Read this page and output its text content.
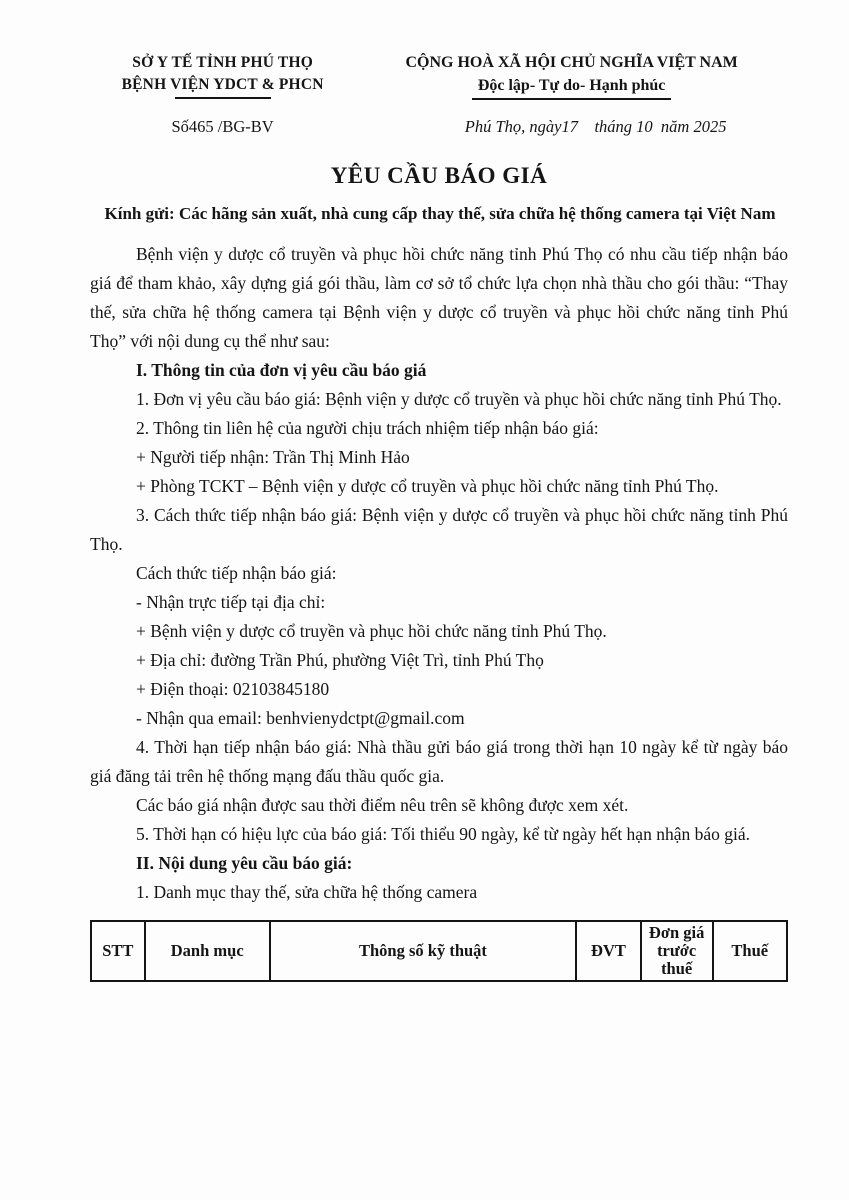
SỞ Y TẾ TỈNH PHÚ THỌ
BỆNH VIỆN YDCT & PHCN
CỘNG HOÀ XÃ HỘI CHỦ NGHĨA VIỆT NAM
Độc lập- Tự do- Hạnh phúc
Số465 /BG-BV	Phú Thọ, ngày17    tháng 10  năm 2025
YÊU CẦU BÁO GIÁ
Kính gửi: Các hãng sản xuất, nhà cung cấp thay thế, sửa chữa hệ thống camera tại Việt Nam

Bệnh viện y dược cổ truyền và phục hồi chức năng tỉnh Phú Thọ có nhu cầu tiếp nhận báo giá để tham khảo, xây dựng giá gói thầu, làm cơ sở tổ chức lựa chọn nhà thầu cho gói thầu: “Thay thế, sửa chữa hệ thống camera tại Bệnh viện y dược cổ truyền và phục hồi chức năng tỉnh Phú Thọ” với nội dung cụ thể như sau:

I. Thông tin của đơn vị yêu cầu báo giá

1. Đơn vị yêu cầu báo giá: Bệnh viện y dược cổ truyền và phục hồi chức năng tỉnh Phú Thọ.

2. Thông tin liên hệ của người chịu trách nhiệm tiếp nhận báo giá:

+ Người tiếp nhận: Trần Thị Minh Hảo

+ Phòng TCKT – Bệnh viện y dược cổ truyền và phục hồi chức năng tỉnh Phú Thọ.

3. Cách thức tiếp nhận báo giá: Bệnh viện y dược cổ truyền và phục hồi chức năng tỉnh Phú Thọ.

Cách thức tiếp nhận báo giá:

- Nhận trực tiếp tại địa chỉ:

+ Bệnh viện y dược cổ truyền và phục hồi chức năng tỉnh Phú Thọ.

+ Địa chỉ: đường Trần Phú, phường Việt Trì, tỉnh Phú Thọ

+ Điện thoại: 02103845180

- Nhận qua email: benhvienydctpt@gmail.com

4. Thời hạn tiếp nhận báo giá: Nhà thầu gửi báo giá trong thời hạn 10 ngày kể từ ngày báo giá đăng tải trên hệ thống mạng đấu thầu quốc gia.

Các báo giá nhận được sau thời điểm nêu trên sẽ không được xem xét.

5. Thời hạn có hiệu lực của báo giá: Tối thiểu 90 ngày, kể từ ngày hết hạn nhận báo giá.

II. Nội dung yêu cầu báo giá:

1. Danh mục thay thế, sửa chữa hệ thống camera

STT	Danh mục	Thông số kỹ thuật	ĐVT	Đơn giá trước thuế	Thuế
